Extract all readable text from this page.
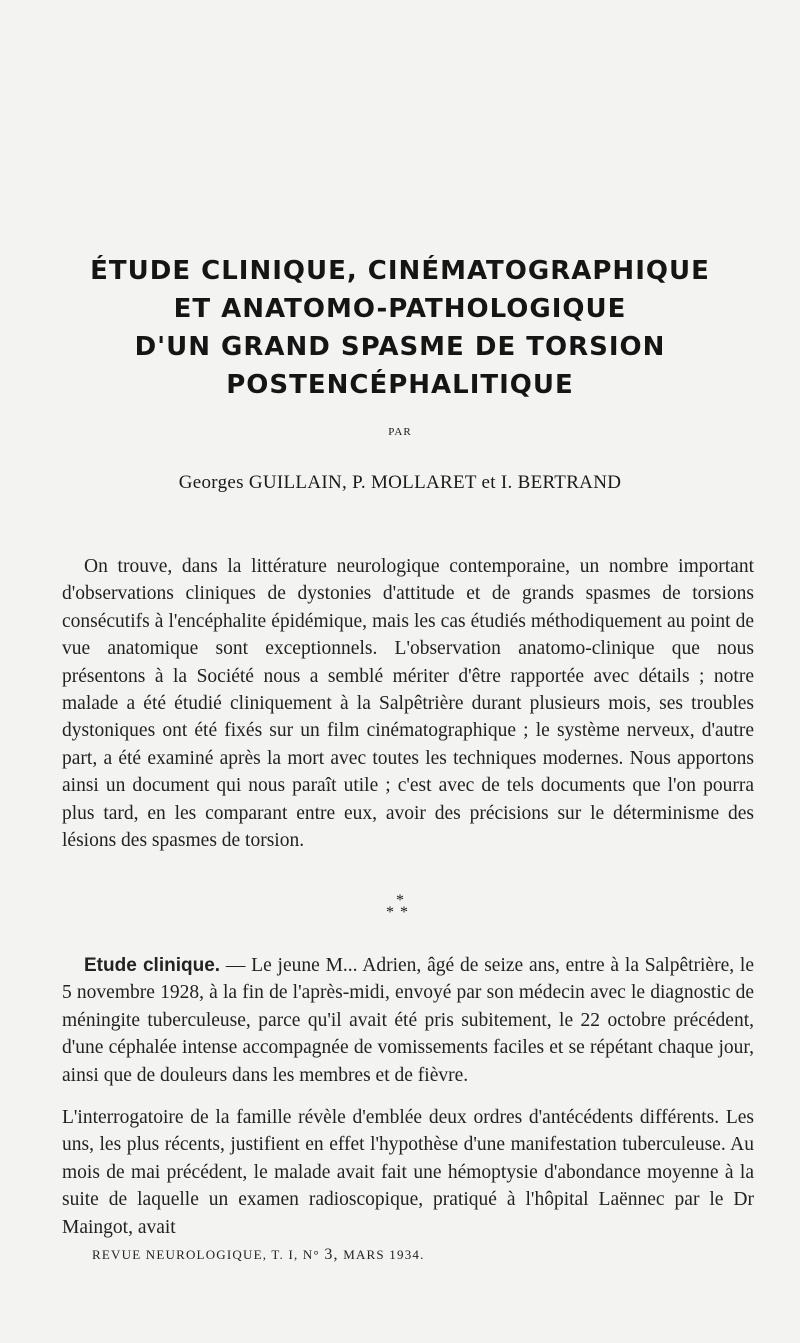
ÉTUDE CLINIQUE, CINÉMATOGRAPHIQUE
ET ANATOMO-PATHOLOGIQUE
D'UN GRAND SPASME DE TORSION
POSTENCÉPHALITIQUE
PAR
Georges GUILLAIN, P. MOLLARET et I. BERTRAND
On trouve, dans la littérature neurologique contemporaine, un nombre important d'observations cliniques de dystonies d'attitude et de grands spasmes de torsions consécutifs à l'encéphalite épidémique, mais les cas étudiés méthodiquement au point de vue anatomique sont exceptionnels. L'observation anatomo-clinique que nous présentons à la Société nous a semblé mériter d'être rapportée avec détails ; notre malade a été étudié cliniquement à la Salpêtrière durant plusieurs mois, ses troubles dystoniques ont été fixés sur un film cinématographique ; le système nerveux, d'autre part, a été examiné après la mort avec toutes les techniques modernes. Nous apportons ainsi un document qui nous paraît utile ; c'est avec de tels documents que l'on pourra plus tard, en les comparant entre eux, avoir des précisions sur le déterminisme des lésions des spasmes de torsion.
*
**
Etude clinique. — Le jeune M... Adrien, âgé de seize ans, entre à la Salpêtrière, le 5 novembre 1928, à la fin de l'après-midi, envoyé par son médecin avec le diagnostic de méningite tuberculeuse, parce qu'il avait été pris subitement, le 22 octobre précédent, d'une céphalée intense accompagnée de vomissements faciles et se répétant chaque jour, ainsi que de douleurs dans les membres et de fièvre.
L'interrogatoire de la famille révèle d'emblée deux ordres d'antécédents différents. Les uns, les plus récents, justifient en effet l'hypothèse d'une manifestation tuberculeuse. Au mois de mai précédent, le malade avait fait une hémoptysie d'abondance moyenne à la suite de laquelle un examen radioscopique, pratiqué à l'hôpital Laënnec par le Dr Maingot, avait
REVUE NEUROLOGIQUE, T. I, N° 3, MARS 1934.
